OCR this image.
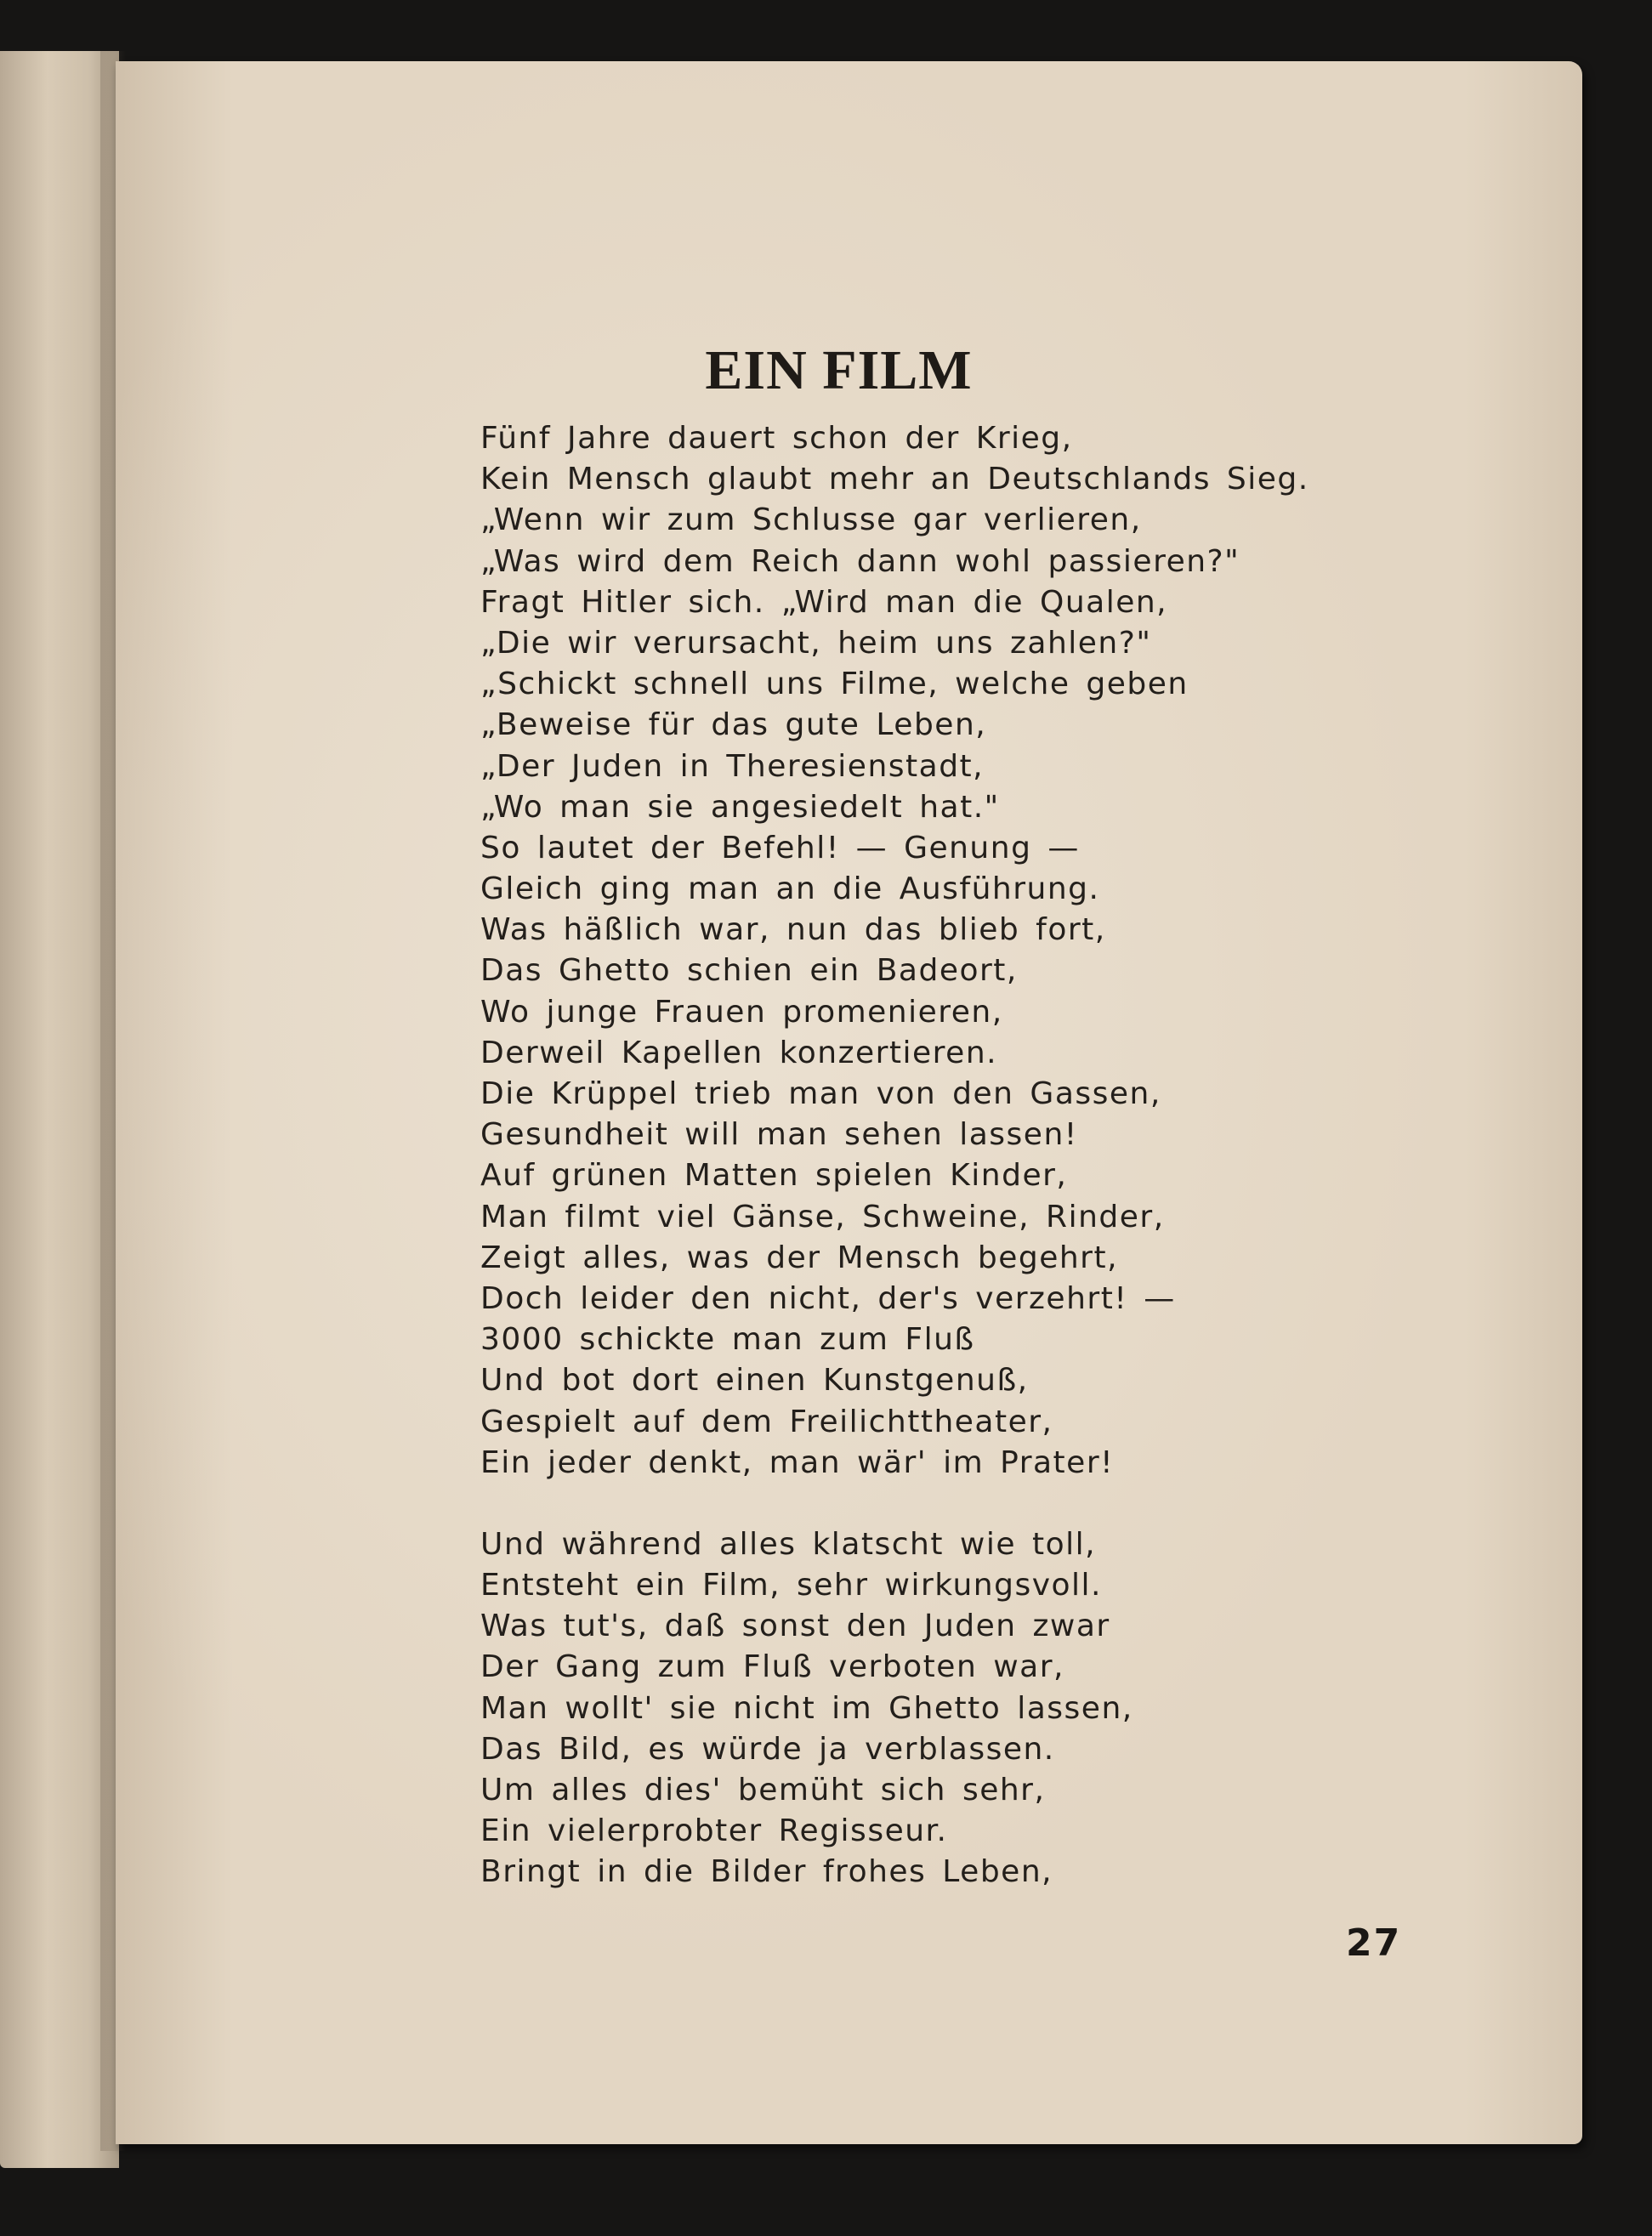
EIN FILM
Fünf Jahre dauert schon der Krieg,
Kein Mensch glaubt mehr an Deutschlands Sieg.
„Wenn wir zum Schlusse gar verlieren,
„Was wird dem Reich dann wohl passieren?"
Fragt Hitler sich. „Wird man die Qualen,
„Die wir verursacht, heim uns zahlen?"
„Schickt schnell uns Filme, welche geben
„Beweise für das gute Leben,
„Der Juden in Theresienstadt,
„Wo man sie angesiedelt hat."
So lautet der Befehl! — Genung —
Gleich ging man an die Ausführung.
Was häßlich war, nun das blieb fort,
Das Ghetto schien ein Badeort,
Wo junge Frauen promenieren,
Derweil Kapellen konzertieren.
Die Krüppel trieb man von den Gassen,
Gesundheit will man sehen lassen!
Auf grünen Matten spielen Kinder,
Man filmt viel Gänse, Schweine, Rinder,
Zeigt alles, was der Mensch begehrt,
Doch leider den nicht, der's verzehrt! —
3000 schickte man zum Fluß
Und bot dort einen Kunstgenuß,
Gespielt auf dem Freilichttheater,
Ein jeder denkt, man wär' im Prater!
Und während alles klatscht wie toll,
Entsteht ein Film, sehr wirkungsvoll.
Was tut's, daß sonst den Juden zwar
Der Gang zum Fluß verboten war,
Man wollt' sie nicht im Ghetto lassen,
Das Bild, es würde ja verblassen.
Um alles dies' bemüht sich sehr,
Ein vielerprobter Regisseur.
Bringt in die Bilder frohes Leben,
27
